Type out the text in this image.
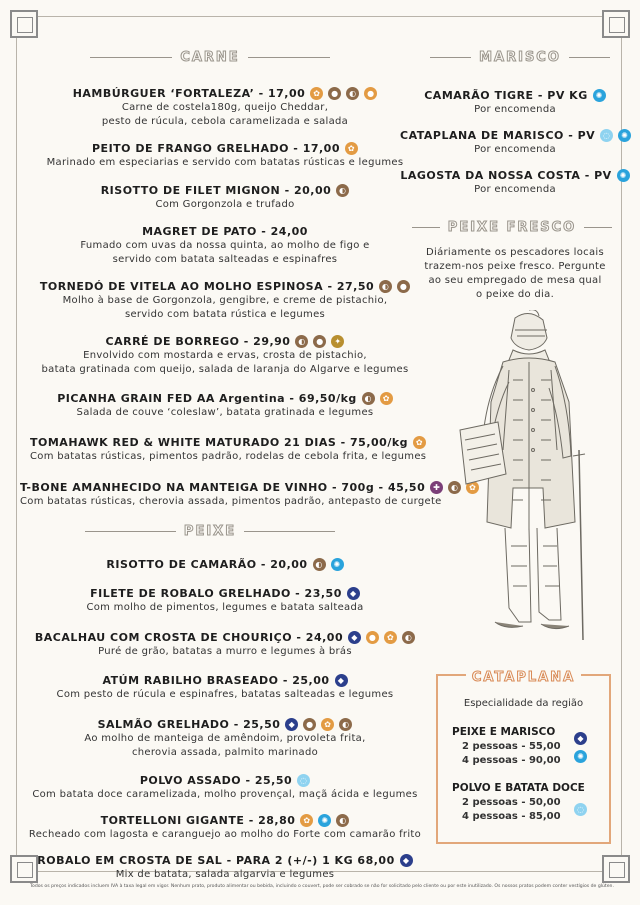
CARNE
HAMBÚRGUER ‘FORTALEZA’ - 17,00 ✿	●	◐	●
Carne de costela180g, queijo Cheddar,
pesto de rúcula, cebola caramelizada e salada
PEITO DE FRANGO GRELHADO - 17,00 ✿
Marinado em especiarias e servido com batatas rústicas e legumes
RISOTTO DE FILET MIGNON - 20,00 ◐
Com Gorgonzola e trufado
MAGRET DE PATO - 24,00
Fumado com uvas da nossa quinta, ao molho de figo e
servido com batata salteadas e espinafres
TORNEDÓ DE VITELA AO MOLHO ESPINOSA - 27,50 ◐	●
Molho à base de Gorgonzola, gengibre, e creme de pistachio,
servido com batata rústica e legumes
CARRÉ DE BORREGO - 29,90 ◐	●	✦
Envolvido com mostarda e ervas, crosta de pistachio,
batata gratinada com queijo, salada de laranja do Algarve e legumes
PICANHA GRAIN FED AA Argentina - 69,50/kg ◐	✿
Salada de couve ‘coleslaw’, batata gratinada e legumes
TOMAHAWK RED & WHITE MATURADO 21 DIAS - 75,00/kg ✿
Com batatas rústicas, pimentos padrão, rodelas de cebola frita, e legumes
T-BONE AMANHECIDO NA MANTEIGA DE VINHO - 700g - 45,50 ✚	◐	✿
Com batatas rústicas, cherovia assada, pimentos padrão, antepasto de curgete
PEIXE
RISOTTO DE CAMARÃO - 20,00 ◐	✺
FILETE DE ROBALO GRELHADO - 23,50	◆
Com molho de pimentos, legumes e batata salteada
BACALHAU COM CROSTA DE CHOURIÇO - 24,00	◆	●	✿	◐
Puré de grão, batatas a murro e legumes à brás
ATÚM RABILHO BRASEADO - 25,00	◆
Com pesto de rúcula e espinafres, batatas salteadas e legumes
SALMÃO GRELHADO - 25,50	◆	●	✿	◐
Ao molho de manteiga de amêndoim, provoleta frita,
cherovia assada, palmito marinado
POLVO ASSADO - 25,50 ◌
Com batata doce caramelizada, molho provençal, maçã ácida e legumes
TORTELLONI GIGANTE - 28,80 ✿	✺	◐
Recheado com lagosta e caranguejo ao molho do Forte com camarão frito
ROBALO EM CROSTA DE SAL - PARA 2 (+/-) 1 KG 68,00	◆
Mix de batata, salada algarvia e legumes
MARISCO
CAMARÃO TIGRE - PV KG ✺
Por encomenda
CATAPLANA DE MARISCO - PV ◌	✺
Por encomenda
LAGOSTA DA NOSSA COSTA - PV ✺
Por encomenda
PEIXE FRESCO
Diáriamente os pescadores locais
trazem-nos peixe fresco. Pergunte
ao seu empregado de mesa qual
o peixe do dia.
CATAPLANA
Especialidade da região
PEIXE E MARISCO
2 pessoas - 55,00
4 pessoas - 90,00
◆
✺
POLVO E BATATA DOCE
2 pessoas - 50,00
4 pessoas - 85,00
◌
Todos os preços indicados incluem IVA à taxa legal em vigor. Nenhum prato, produto alimentar ou bebida, incluindo o couvert, pode ser cobrado se não for solicitado pelo cliente ou por este inutilizado. Os nossos pratos podem conter vestígios de glúten.
